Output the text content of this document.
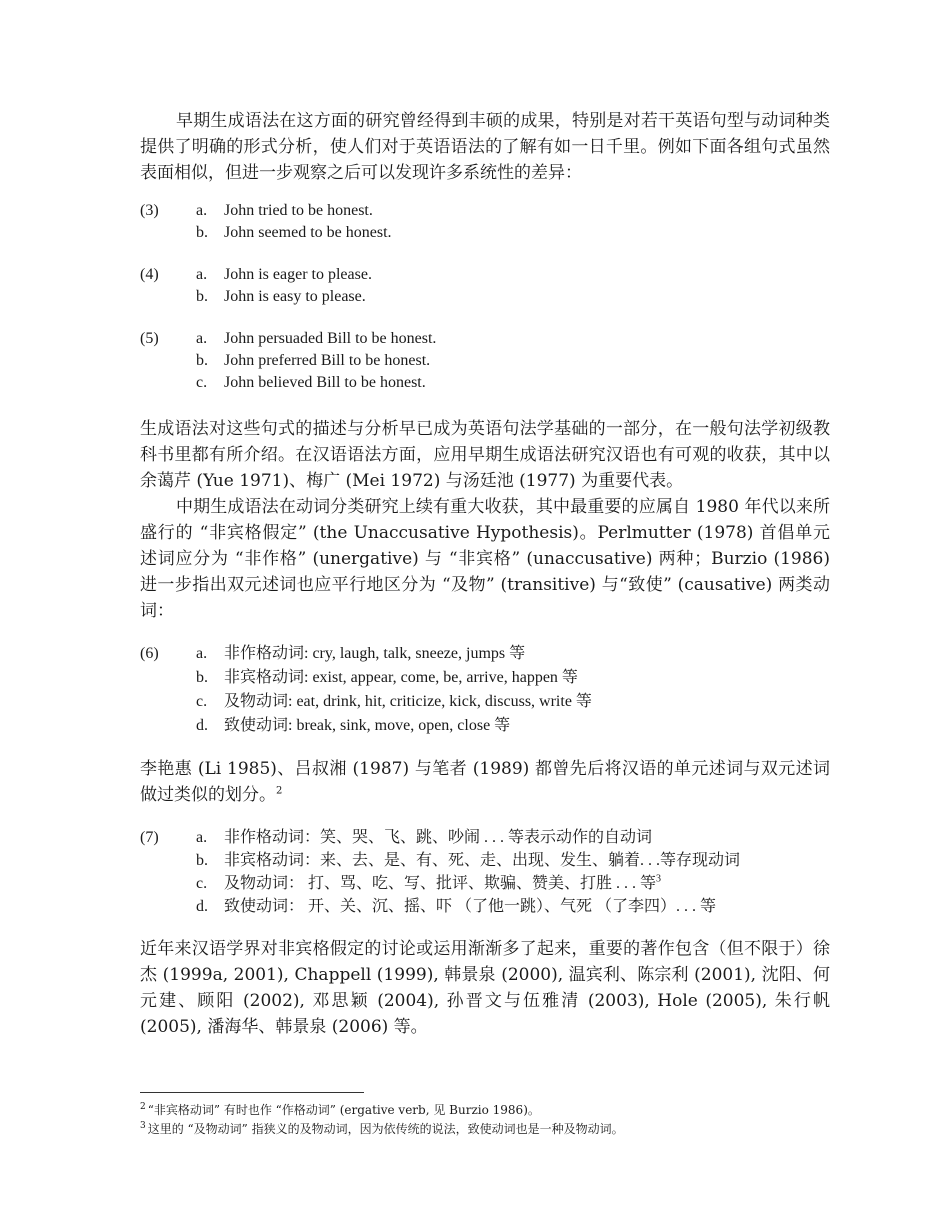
早期生成语法在这方面的研究曾经得到丰硕的成果，特别是对若干英语句型与动词种类提供了明确的形式分析，使人们对于英语语法的了解有如一日千里。例如下面各组句式虽然表面相似，但进一步观察之后可以发现许多系统性的差异：

(3) a. John tried to be honest.
b. John seemed to be honest.
(4) a. John is eager to please.
b. John is easy to please.
(5) a. John persuaded Bill to be honest.
b. John preferred Bill to be honest.
c. John believed Bill to be honest.

生成语法对这些句式的描述与分析早已成为英语句法学基础的一部分，在一般句法学初级教科书里都有所介绍。在汉语语法方面，应用早期生成语法研究汉语也有可观的收获，其中以余蔼芹 (Yue 1971)、梅广 (Mei 1972) 与汤廷池 (1977) 为重要代表。

中期生成语法在动词分类研究上续有重大收获，其中最重要的应属自 1980 年代以来所盛行的 “非宾格假定” (the Unaccusative Hypothesis)。Perlmutter (1978) 首倡单元述词应分为 “非作格” (unergative) 与 “非宾格” (unaccusative) 两种；Burzio (1986) 进一步指出双元述词也应平行地区分为 “及物” (transitive) 与“致使” (causative) 两类动词：

(6) a. 非作格动词: cry, laugh, talk, sneeze, jumps 等
b. 非宾格动词: exist, appear, come, be, arrive, happen 等
c. 及物动词: eat, drink, hit, criticize, kick, discuss, write 等
d. 致使动词: break, sink, move, open, close 等

李艳惠 (Li 1985)、吕叔湘 (1987) 与笔者 (1989) 都曾先后将汉语的单元述词与双元述词做过类似的划分。$^2$

(7) a. 非作格动词：笑、哭、飞、跳、吵闹 . . . 等表示动作的自动词
b. 非宾格动词：来、去、是、有、死、走、出现、发生、躺着. . .等存现动词
c. 及物动词： 打、骂、吃、写、批评、欺骗、赞美、打胜 . . . 等$^3$
d. 致使动词： 开、关、沉、摇、吓 （了他一跳）、气死 （了李四）. . . 等

近年来汉语学界对非宾格假定的讨论或运用渐渐多了起来，重要的著作包含（但不限于）徐杰 (1999a, 2001), Chappell (1999), 韩景泉 (2000), 温宾利、陈宗利 (2001), 沈阳、何元建、顾阳 (2002), 邓思颖 (2004), 孙晋文与伍雅清 (2003), Hole (2005), 朱行帆 (2005), 潘海华、韩景泉 (2006) 等。

$^2$ “非宾格动词” 有时也作 “作格动词” (ergative verb, 见 Burzio 1986)。
$^3$ 这里的 “及物动词” 指狭义的及物动词，因为依传统的说法，致使动词也是一种及物动词。
